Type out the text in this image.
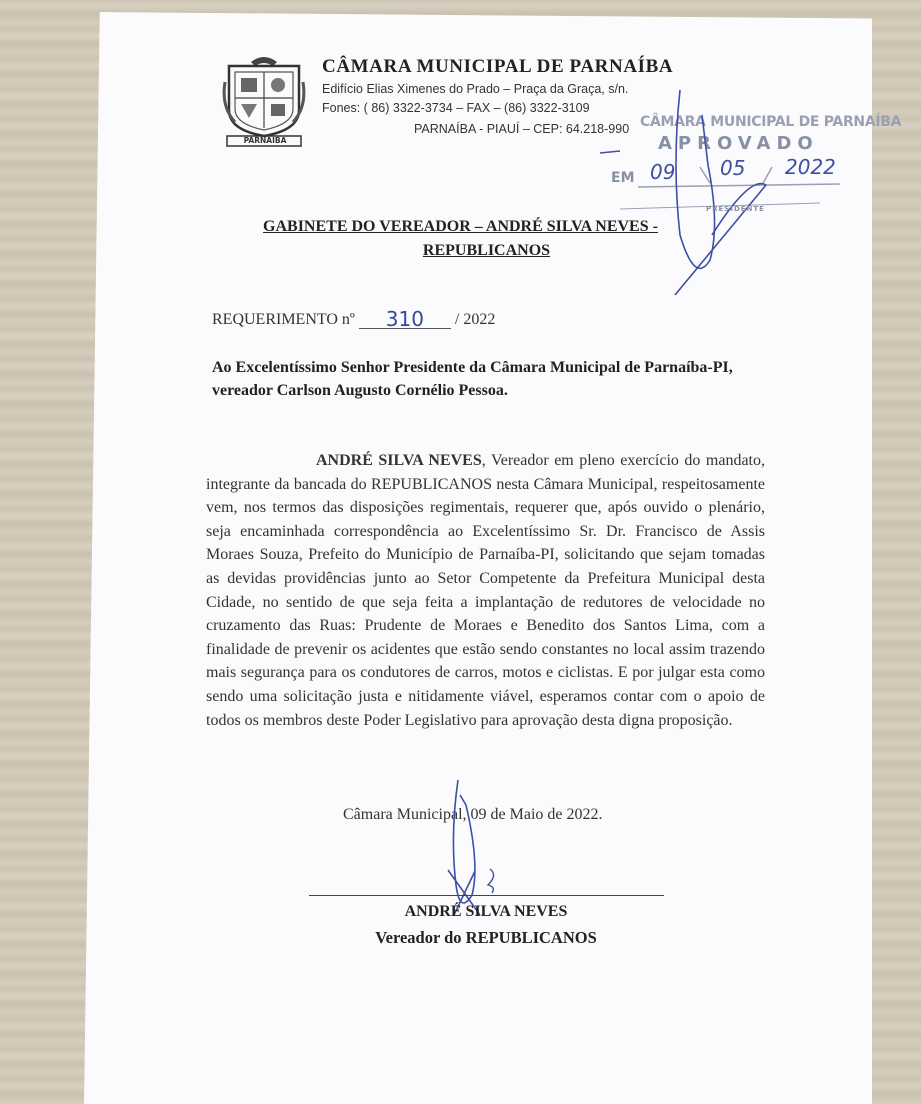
PARNAÍBA
CÂMARA MUNICIPAL DE PARNAÍBA
Edifício Elias Ximenes do Prado – Praça da Graça, s/n.
Fones: ( 86) 3322-3734 – FAX – (86) 3322-3109
PARNAÍBA - PIAUÍ – CEP: 64.218-990 CÂMARA MUNICIPAL DE PARNAÍBA
APROVADO
EM 09 05 2022
PRESIDENTE
GABINETE DO VEREADOR – ANDRÉ SILVA NEVES -
REPUBLICANOS
REQUERIMENTO nº 310 / 2022
Ao Excelentíssimo Senhor Presidente da Câmara Municipal de Parnaíba-PI, vereador Carlson Augusto Cornélio Pessoa.
ANDRÉ SILVA NEVES, Vereador em pleno exercício do mandato, integrante da bancada do REPUBLICANOS nesta Câmara Municipal, respeitosamente vem, nos termos das disposições regimentais, requerer que, após ouvido o plenário, seja encaminhada correspondência ao Excelentíssimo Sr. Dr. Francisco de Assis Moraes Souza, Prefeito do Município de Parnaíba-PI, solicitando que sejam tomadas as devidas providências junto ao Setor Competente da Prefeitura Municipal desta Cidade, no sentido de que seja feita a implantação de redutores de velocidade no cruzamento das Ruas: Prudente de Moraes e Benedito dos Santos Lima, com a finalidade de prevenir os acidentes que estão sendo constantes no local assim trazendo mais segurança para os condutores de carros, motos e ciclistas. E por julgar esta como sendo uma solicitação justa e nitidamente viável, esperamos contar com o apoio de todos os membros deste Poder Legislativo para aprovação desta digna proposição.
Câmara Municipal, 09 de Maio de 2022.
ANDRÉ SILVA NEVES
Vereador do REPUBLICANOS
